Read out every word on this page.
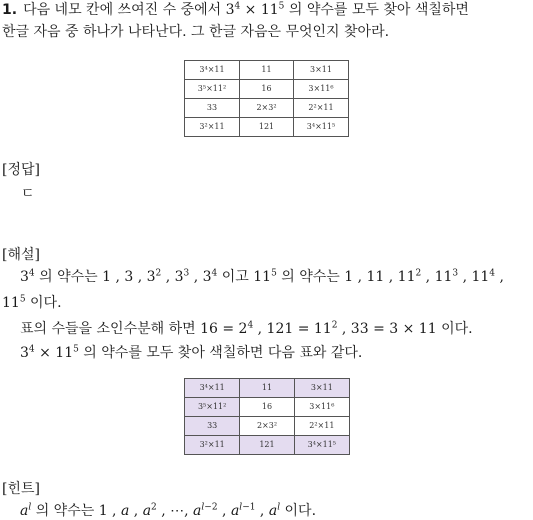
1. 다음 네모 칸에 쓰여진 수 중에서 $3^4 \times 11^5$ 의 약수를 모두 찾아 색칠하면
한글 자음 중 하나가 나타난다. 그 한글 자음은 무엇인지 찾아라.
3⁴×11	11	3×11
3⁵×11²	16	3×11⁶
33	2×3²	2²×11
3²×11	121	3⁴×11⁵
[정답]
ㄷ
[해설]
$3^4$ 의 약수는 1 , 3 , $3^2$ , $3^3$ , $3^4$ 이고 $11^5$ 의 약수는 1 , 11 , $11^2$ , $11^3$ , $11^4$ ,
$11^5$ 이다.
표의 수들을 소인수분해 하면 $16 = 2^4$ , $121 = 11^2$ , 33 = 3 × 11 이다.
$3^4 \times 11^5$ 의 약수를 모두 찾아 색칠하면 다음 표와 같다.
3⁴×11	11	3×11
3⁵×11²	16	3×11⁶
33	2×3²	2²×11
3²×11	121	3⁴×11⁵
[힌트]
$a^l$ 의 약수는 1 , a , $a^2$ , ⋯, $a^{l-2}$ , $a^{l-1}$ , $a^l$ 이다.
